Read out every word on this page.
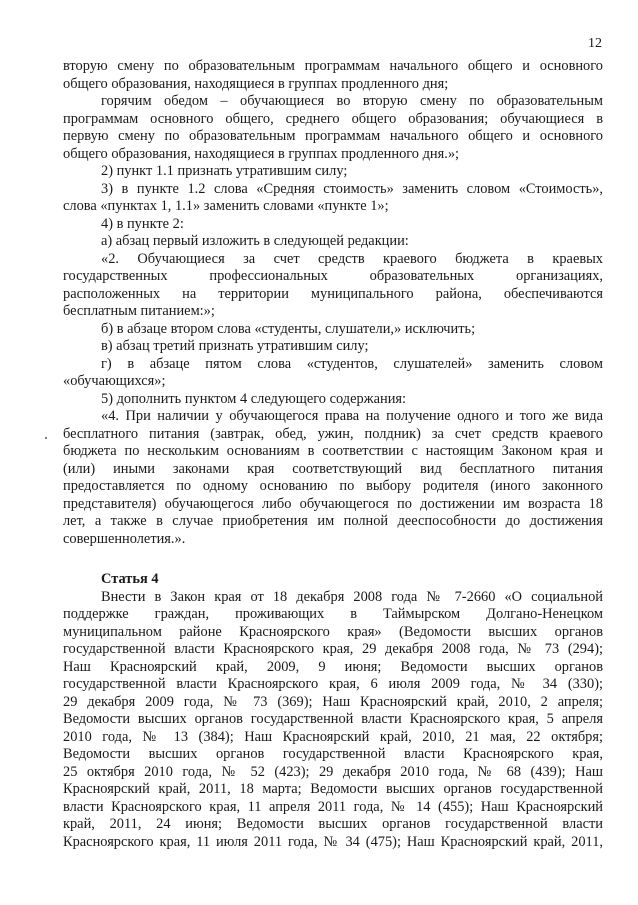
12
вторую смену по образовательным программам начального общего и основного
общего образования, находящиеся в группах продленного дня;
горячим обедом – обучающиеся во вторую смену по образовательным
программам основного общего, среднего общего образования; обучающиеся в
первую смену по образовательным программам начального общего и основного
общего образования, находящиеся в группах продленного дня.»;
2) пункт 1.1 признать утратившим силу;
3) в пункте 1.2 слова «Средняя стоимость» заменить словом «Стоимость»,
слова «пунктах 1, 1.1» заменить словами «пункте 1»;
4) в пункте 2:
а) абзац первый изложить в следующей редакции:
«2. Обучающиеся за счет средств краевого бюджета в краевых
государственных профессиональных образовательных организациях,
расположенных на территории муниципального района, обеспечиваются
бесплатным питанием:»;
б) в абзаце втором слова «студенты, слушатели,» исключить;
в) абзац третий признать утратившим силу;
г) в абзаце пятом слова «студентов, слушателей» заменить словом
«обучающихся»;
5) дополнить пунктом 4 следующего содержания:
«4. При наличии у обучающегося права на получение одного и того же вида
бесплатного питания (завтрак, обед, ужин, полдник) за счет средств краевого
бюджета по нескольким основаниям в соответствии с настоящим Законом края и
(или) иными законами края соответствующий вид бесплатного питания
предоставляется по одному основанию по выбору родителя (иного законного
представителя) обучающегося либо обучающегося по достижении им возраста 18
лет, а также в случае приобретения им полной дееспособности до достижения
совершеннолетия.».
Статья 4
Внести в Закон края от 18 декабря 2008 года № 7-2660 «О социальной
поддержке граждан, проживающих в Таймырском Долгано-Ненецком
муниципальном районе Красноярского края» (Ведомости высших органов
государственной власти Красноярского края, 29 декабря 2008 года, № 73 (294);
Наш Красноярский край, 2009, 9 июня; Ведомости высших органов
государственной власти Красноярского края, 6 июля 2009 года, № 34 (330);
29 декабря 2009 года, № 73 (369); Наш Красноярский край, 2010, 2 апреля;
Ведомости высших органов государственной власти Красноярского края, 5 апреля
2010 года, № 13 (384); Наш Красноярский край, 2010, 21 мая, 22 октября;
Ведомости высших органов государственной власти Красноярского края,
25 октября 2010 года, № 52 (423); 29 декабря 2010 года, № 68 (439); Наш
Красноярский край, 2011, 18 марта; Ведомости высших органов государственной
власти Красноярского края, 11 апреля 2011 года, № 14 (455); Наш Красноярский
край, 2011, 24 июня; Ведомости высших органов государственной власти
Красноярского края, 11 июля 2011 года, № 34 (475); Наш Красноярский край, 2011,
